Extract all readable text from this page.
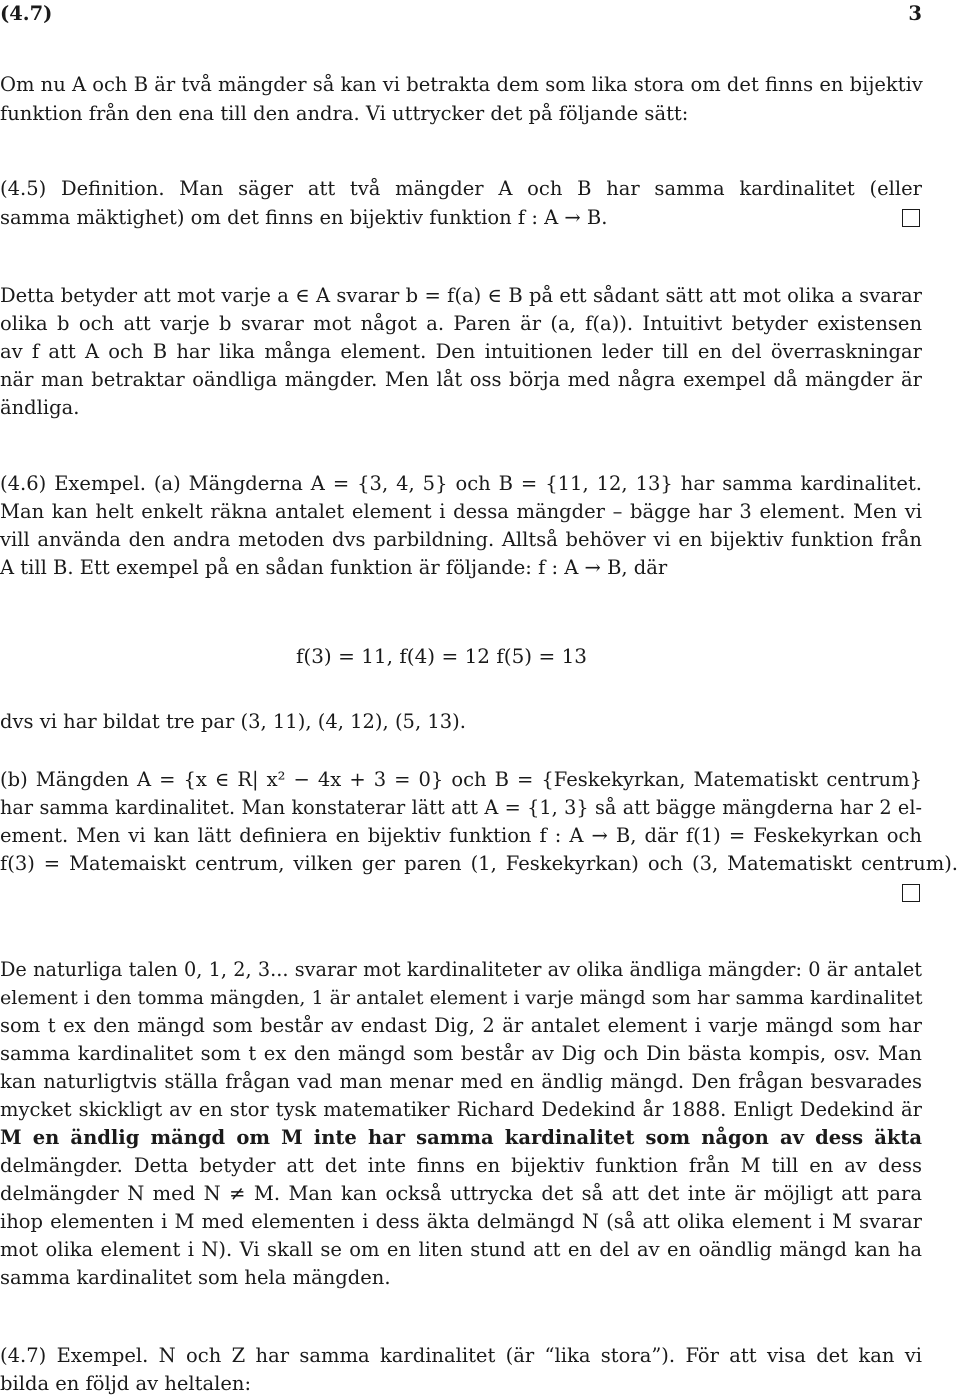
(4.7)	3

Om nu A och B är två mängder så kan vi betrakta dem som lika stora om det finns en bijektiv

funktion från den ena till den andra. Vi uttrycker det på följande sätt:

(4.5) Definition. Man säger att två mängder A och B har samma kardinalitet (eller

samma mäktighet) om det finns en bijektiv funktion f : A → B.

Detta betyder att mot varje a ∈ A svarar b = f(a) ∈ B på ett sådant sätt att mot olika a svarar

olika b och att varje b svarar mot något a. Paren är (a, f(a)). Intuitivt betyder existensen

av f att A och B har lika många element. Den intuitionen leder till en del överraskningar

när man betraktar oändliga mängder. Men låt oss börja med några exempel då mängder är

ändliga.

(4.6) Exempel. (a) Mängderna A = {3, 4, 5} och B = {11, 12, 13} har samma kardinalitet.

Man kan helt enkelt räkna antalet element i dessa mängder – bägge har 3 element. Men vi

vill använda den andra metoden dvs parbildning. Alltså behöver vi en bijektiv funktion från

A till B. Ett exempel på en sådan funktion är följande: f : A → B, där

f(3) = 11, f(4) = 12 f(5) = 13

dvs vi har bildat tre par (3, 11), (4, 12), (5, 13).

(b) Mängden A = {x ∈ R| x² − 4x + 3 = 0} och B = {Feskekyrkan, Matematiskt centrum}

har samma kardinalitet. Man konstaterar lätt att A = {1, 3} så att bägge mängderna har 2 el-

ement. Men vi kan lätt definiera en bijektiv funktion f : A → B, där f(1) = Feskekyrkan och

f(3) = Matemaiskt centrum, vilken ger paren (1, Feskekyrkan) och (3, Matematiskt centrum).

De naturliga talen 0, 1, 2, 3... svarar mot kardinaliteter av olika ändliga mängder: 0 är antalet

element i den tomma mängden, 1 är antalet element i varje mängd som har samma kardinalitet

som t ex den mängd som består av endast Dig, 2 är antalet element i varje mängd som har

samma kardinalitet som t ex den mängd som består av Dig och Din bästa kompis, osv. Man

kan naturligtvis ställa frågan vad man menar med en ändlig mängd. Den frågan besvarades

mycket skickligt av en stor tysk matematiker Richard Dedekind år 1888. Enligt Dedekind är

M en ändlig mängd om M inte har samma kardinalitet som någon av dess äkta

delmängder. Detta betyder att det inte finns en bijektiv funktion från M till en av dess

delmängder N med N ≠ M. Man kan också uttrycka det så att det inte är möjligt att para

ihop elementen i M med elementen i dess äkta delmängd N (så att olika element i M svarar

mot olika element i N). Vi skall se om en liten stund att en del av en oändlig mängd kan ha

samma kardinalitet som hela mängden.

(4.7) Exempel. N och Z har samma kardinalitet (är “lika stora”). För att visa det kan vi

bilda en följd av heltalen:
